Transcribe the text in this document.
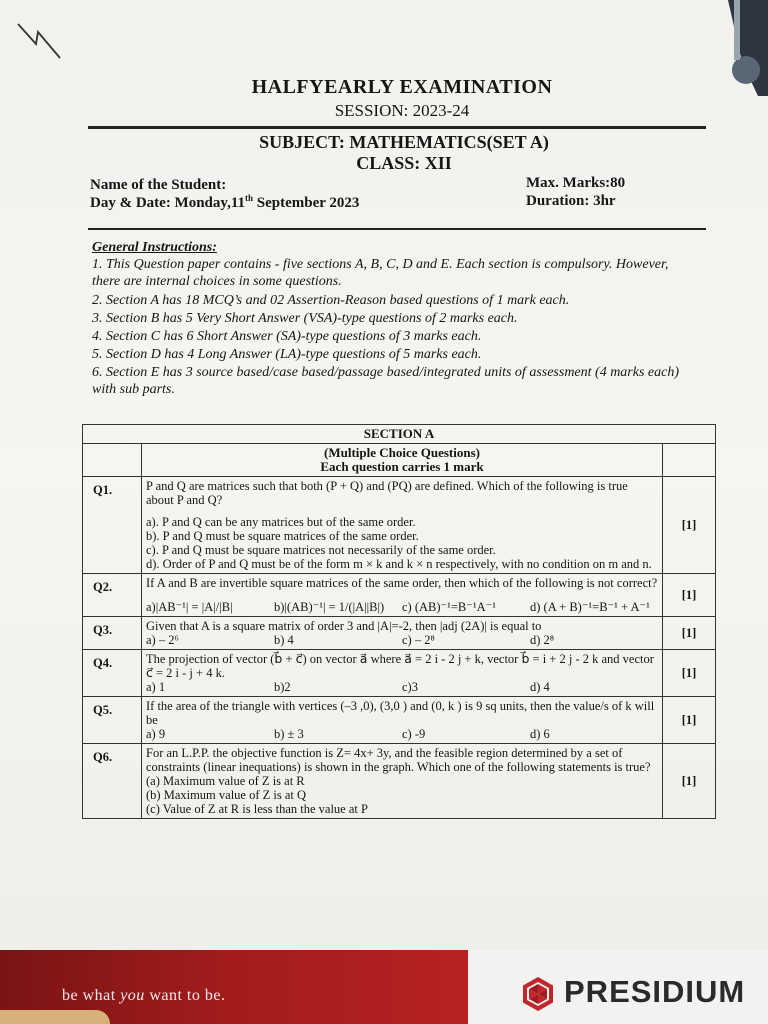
HALFYEARLY EXAMINATION
SESSION: 2023-24
SUBJECT: MATHEMATICS(SET A)
CLASS: XII
Name of the Student:
Day & Date: Monday,11th September 2023
Max. Marks:80
Duration: 3hr
General Instructions:
1. This Question paper contains - five sections A, B, C, D and E. Each section is compulsory. However, there are internal choices in some questions.
2. Section A has 18 MCQ’s and 02 Assertion-Reason based questions of 1 mark each.
3. Section B has 5 Very Short Answer (VSA)-type questions of 2 marks each.
4. Section C has 6 Short Answer (SA)-type questions of 3 marks each.
5. Section D has 4 Long Answer (LA)-type questions of 5 marks each.
6. Section E has 3 source based/case based/passage based/integrated units of assessment (4 marks each) with sub parts.
SECTION A		

	(Multiple Choice Questions)
Each question carries 1 mark	

Q1.	P and Q are matrices such that both (P + Q) and (PQ) are defined. Which of the following is true about P and Q?
a). P and Q can be any matrices but of the same order.
b). P and Q must be square matrices of the same order.
c). P and Q must be square matrices not necessarily of the same order.
d). Order of P and Q must be of the form m × k and k × n respectively, with no condition on m and n.	[1]
Q2.	If A and B are invertible square matrices of the same order, then which of the following is not correct?
a)|AB⁻¹| = |A|/|B| b)|(AB)⁻¹| = 1/(|A||B|) c) (AB)⁻¹=B⁻¹A⁻¹ d) (A + B)⁻¹=B⁻¹ + A⁻¹	[1]
Q3.	Given that A is a square matrix of order 3 and |A|=-2, then |adj (2A)| is equal to
a) – 2⁶ b) 4 c) – 2⁸ d) 2⁸	[1]
Q4.	The projection of vector (b⃗ + c⃗) on vector a⃗ where a⃗ = 2 i - 2 j + k, vector b⃗ = i + 2 j - 2 k and vector c⃗ = 2 i - j + 4 k.
a) 1 b)2 c)3 d) 4	[1]
Q5.	If the area of the triangle with vertices (–3 ,0), (3,0 ) and (0, k ) is 9 sq units, then the value/s of k will be
a) 9 b) ± 3 c) -9 d) 6	[1]
Q6.	For an L.P.P. the objective function is Z= 4x+ 3y, and the feasible region determined by a set of constraints (linear inequations) is shown in the graph. Which one of the following statements is true?
(a) Maximum value of Z is at R
(b) Maximum value of Z is at Q
(c) Value of Z at R is less than the value at P	[1]
be what you want to be.	PRESIDIUM
